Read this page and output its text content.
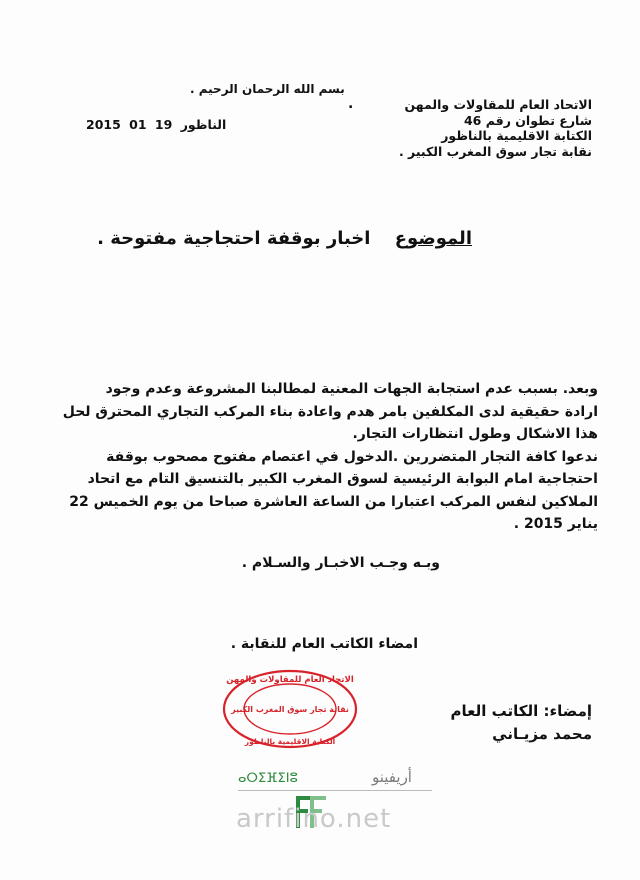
بسم الله الرحمان الرحيم .
.	الاتحاد العام للمقاولات والمهن
شارع تطوان رقم 46
الكتابة الاقليمية بالناظور
نقابة تجار سوق المغرب الكبير .
2015 01 19 الناظور
الموضوع اخبار بوقفة احتجاجية مفتوحة .

وبعد. بسبب عدم استجابة الجهات المعنية لمطالبنا المشروعة وعدم وجود

ارادة حقيقية لدى المكلفين بامر هدم واعادة بناء المركب التجاري المحترق لحل

هذا الاشكال وطول انتظارات التجار.

ندعوا كافة التجار المتضررين .الدخول في اعتصام مفتوح مصحوب بوقفة

احتجاجية امام البوابة الرئيسية لسوق المغرب الكبير بالتنسيق التام مع اتحاد

الملاكين لنفس المركب اعتبارا من الساعة العاشرة صباحا من يوم الخميس 22

يناير 2015 .

وبـه وجـب الاخبـار والسـلام .
امضاء الكاتب العام للنقابة .
الاتحاد العام للمقاولات والمهن
نقابة تجار سوق المغرب الكبير
الكتابة الاقليمية بالناظور
إمضاء: الكاتب العام
محمد مزيـاني
ⴰⵔⵉⴼⵉⵏⵓ	أريفينو
arrifino.net
